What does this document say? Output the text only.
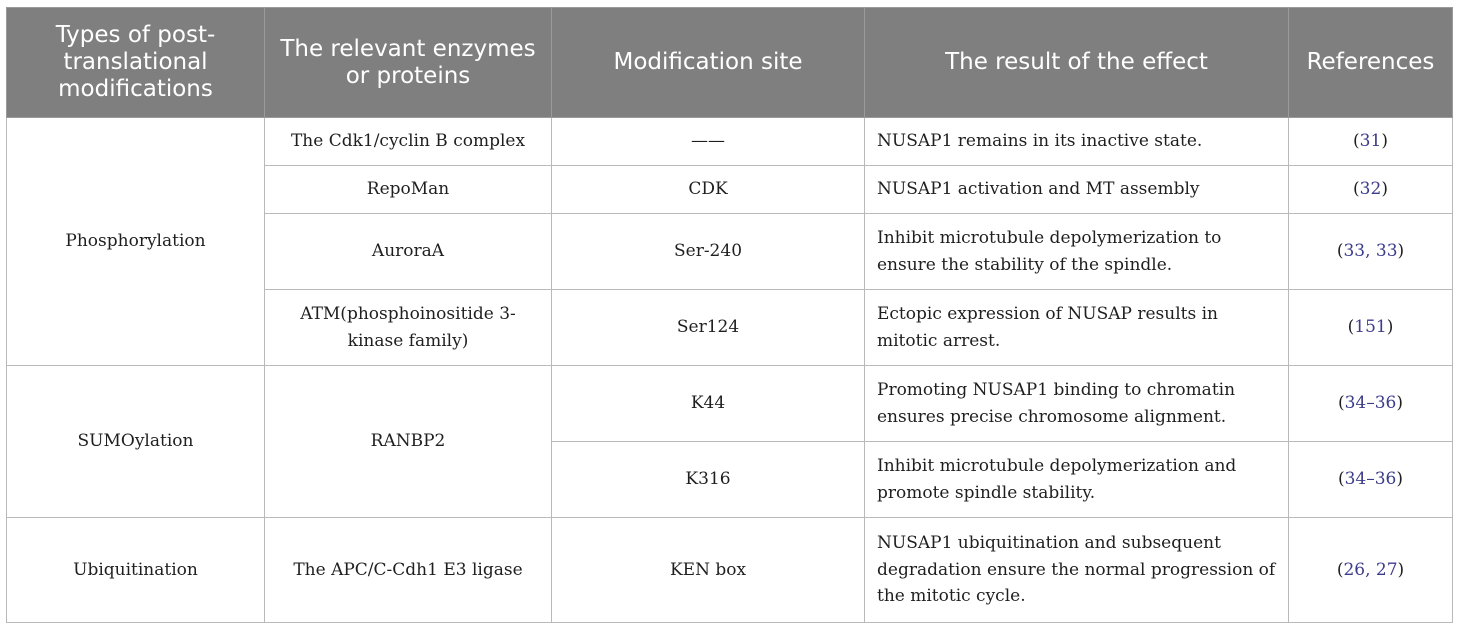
Types of post-translational modifications	The relevant enzymes or proteins	Modification site	The result of the effect	References
Phosphorylation	The Cdk1/cyclin B complex	——	NUSAP1 remains in its inactive state.	(31)
	RepoMan	CDK	NUSAP1 activation and MT assembly	(32)
	AuroraA	Ser-240	Inhibit microtubule depolymerization to ensure the stability of the spindle.	(33, 33)
	ATM(phosphoinositide 3-kinase family)	Ser124	Ectopic expression of NUSAP results in mitotic arrest.	(151)
SUMOylation	RANBP2	K44	Promoting NUSAP1 binding to chromatin ensures precise chromosome alignment.	(34–36)
		K316	Inhibit microtubule depolymerization and promote spindle stability.	(34–36)
Ubiquitination	The APC/C-Cdh1 E3 ligase	KEN box	NUSAP1 ubiquitination and subsequent degradation ensure the normal progression of the mitotic cycle.	(26, 27)
